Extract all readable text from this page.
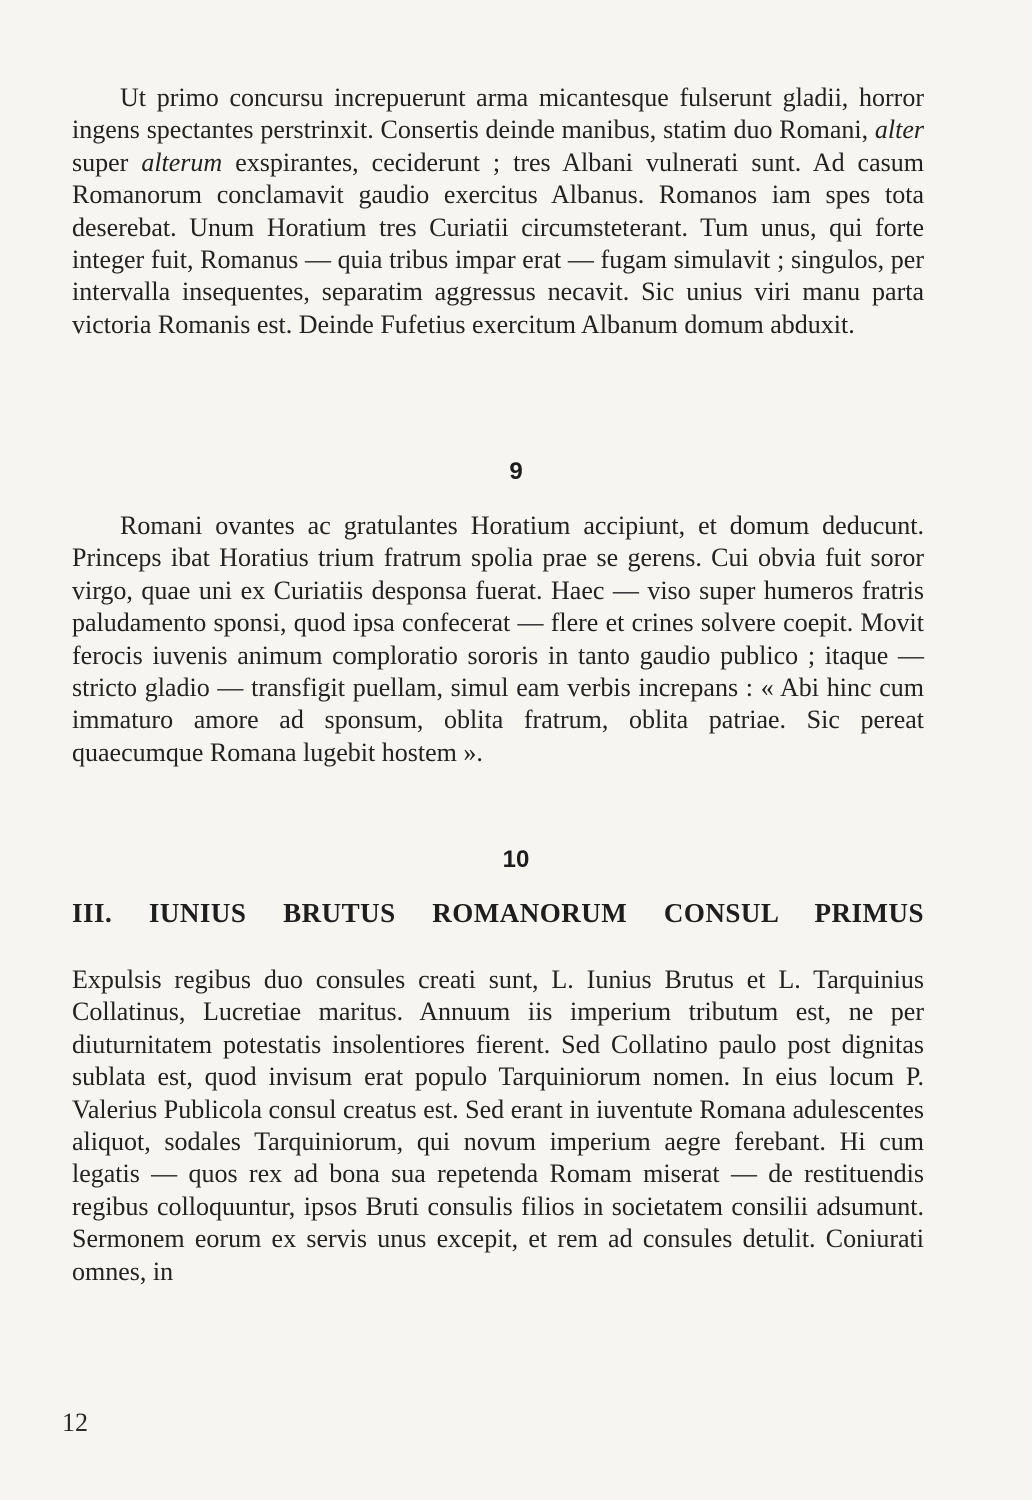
Ut primo concursu increpuerunt arma micantesque fulserunt gladii, horror ingens spectantes perstrinxit. Consertis deinde manibus, statim duo Romani, alter super alterum exspirantes, ceciderunt ; tres Albani vulnerati sunt. Ad casum Romanorum conclamavit gaudio exercitus Albanus. Romanos iam spes tota deserebat. Unum Horatium tres Curiatii circumsteterant. Tum unus, qui forte integer fuit, Romanus — quia tribus impar erat — fugam simulavit ; singulos, per intervalla insequentes, separatim aggressus necavit. Sic unius viri manu parta victoria Romanis est. Deinde Fufetius exercitum Albanum domum abduxit.

9

Romani ovantes ac gratulantes Horatium accipiunt, et domum deducunt. Princeps ibat Horatius trium fratrum spolia prae se gerens. Cui obvia fuit soror virgo, quae uni ex Curiatiis desponsa fuerat. Haec — viso super humeros fratris paludamento sponsi, quod ipsa confecerat — flere et crines solvere coepit. Movit ferocis iuvenis animum comploratio sororis in tanto gaudio publico ; itaque — stricto gladio — transfigit puellam, simul eam verbis increpans : « Abi hinc cum immaturo amore ad sponsum, oblita fratrum, oblita patriae. Sic pereat quaecumque Romana lugebit hostem ».

10

III. IUNIUS BRUTUS ROMANORUM CONSUL PRIMUS

Expulsis regibus duo consules creati sunt, L. Iunius Brutus et L. Tarquinius Collatinus, Lucretiae maritus. Annuum iis imperium tributum est, ne per diuturnitatem potestatis insolentiores fierent. Sed Collatino paulo post dignitas sublata est, quod invisum erat populo Tarquiniorum nomen. In eius locum P. Valerius Publicola consul creatus est. Sed erant in iuventute Romana adulescentes aliquot, sodales Tarquiniorum, qui novum imperium aegre ferebant. Hi cum legatis — quos rex ad bona sua repetenda Romam miserat — de restituendis regibus colloquuntur, ipsos Bruti consulis filios in societatem consilii adsumunt. Sermonem eorum ex servis unus excepit, et rem ad consules detulit. Coniurati omnes, in

12
